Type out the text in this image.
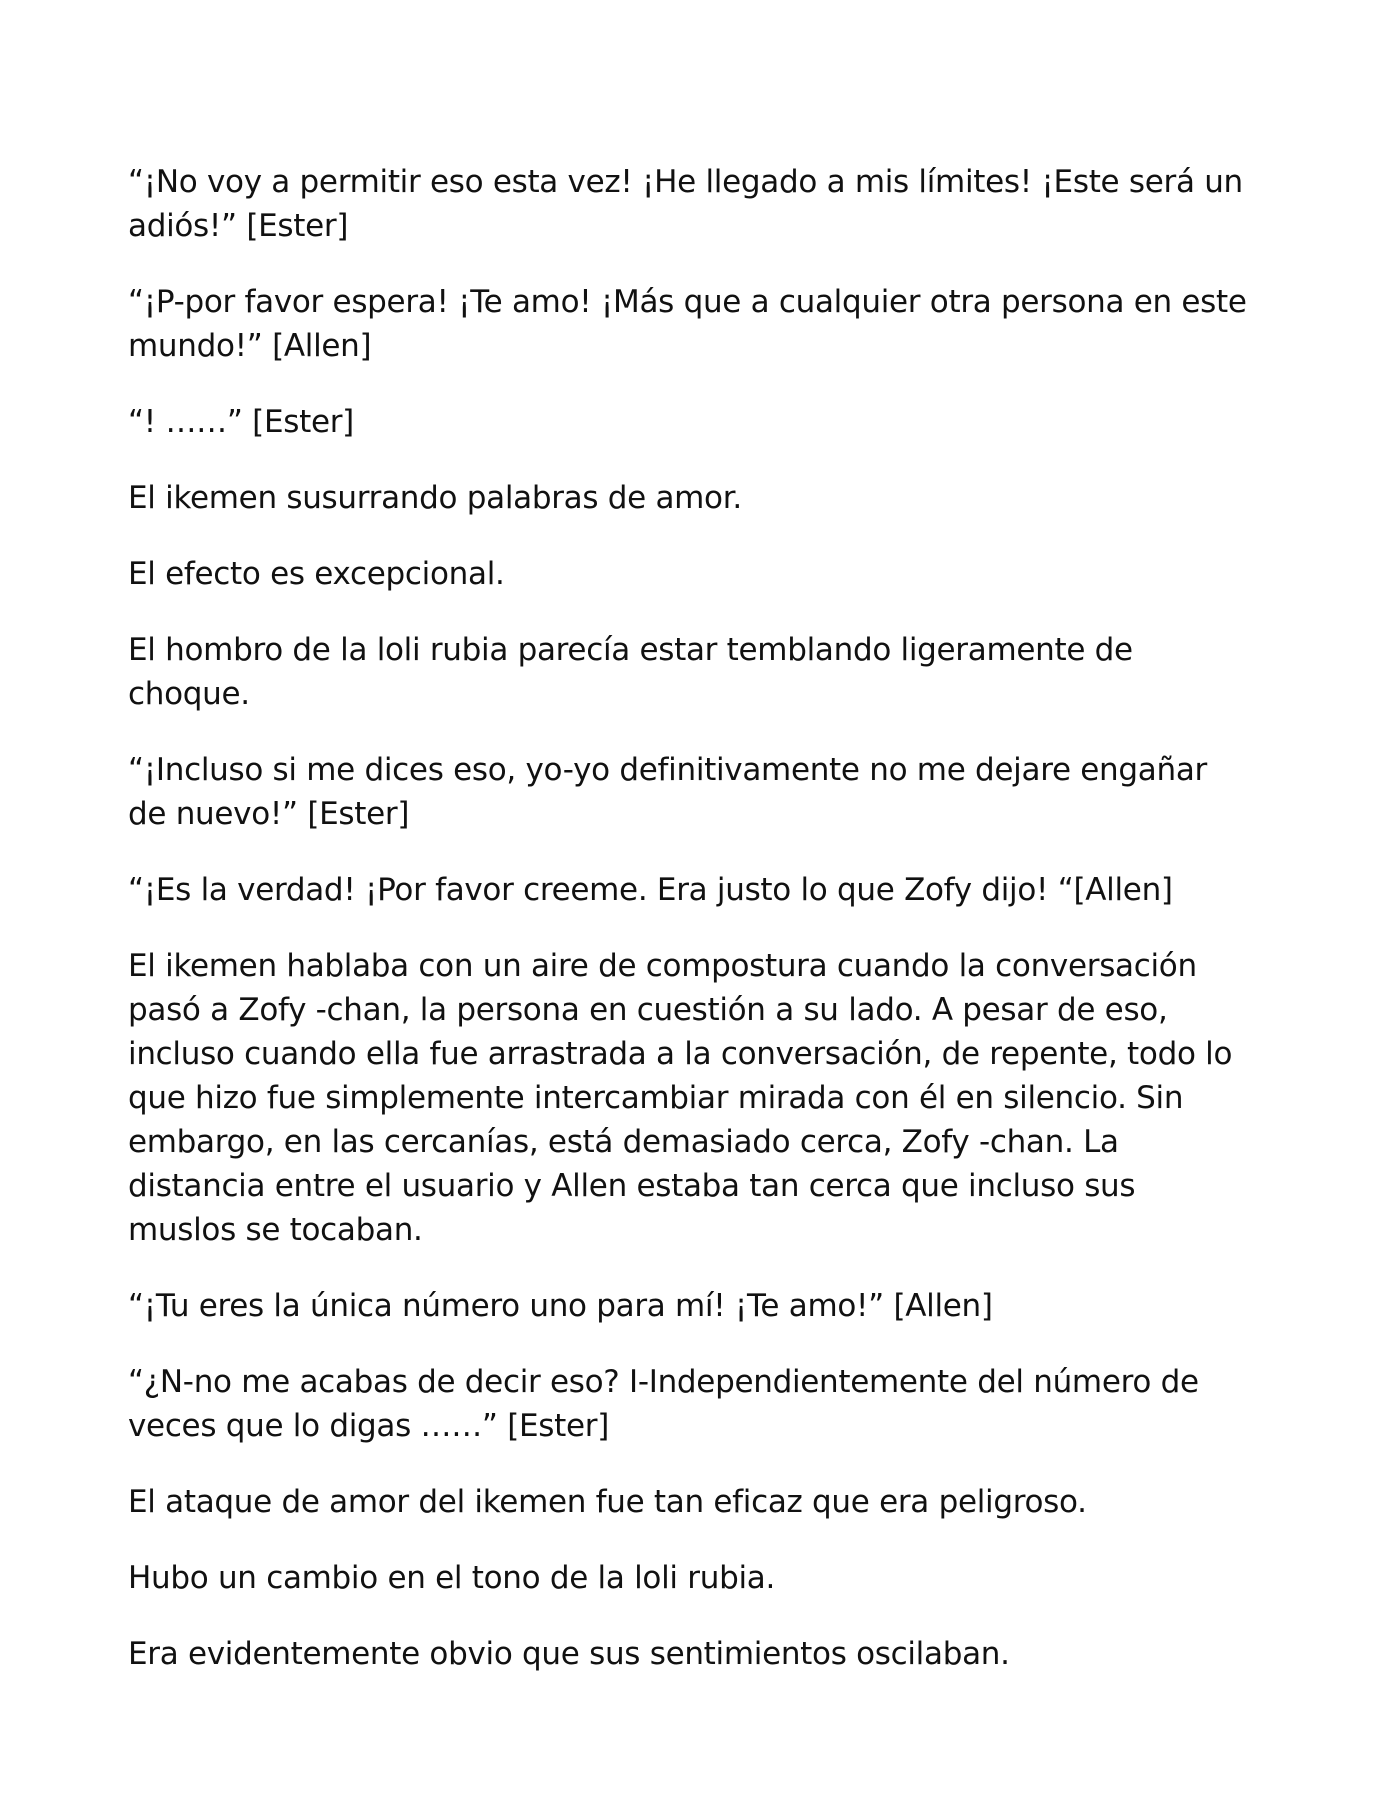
“¡No voy a permitir eso esta vez! ¡He llegado a mis límites! ¡Este será un adiós!” [Ester]

“¡P-por favor espera! ¡Te amo! ¡Más que a cualquier otra persona en este mundo!” [Allen]

“! ……” [Ester]

El ikemen susurrando palabras de amor.

El efecto es excepcional.

El hombro de la loli rubia parecía estar temblando ligeramente de choque.

“¡Incluso si me dices eso, yo-yo definitivamente no me dejare engañar de nuevo!” [Ester]

“¡Es la verdad! ¡Por favor creeme. Era justo lo que Zofy dijo! “[Allen]

El ikemen hablaba con un aire de compostura cuando la conversación pasó a Zofy -chan, la persona en cuestión a su lado. A pesar de eso, incluso cuando ella fue arrastrada a la conversación, de repente, todo lo que hizo fue simplemente intercambiar mirada con él en silencio. Sin embargo, en las cercanías, está demasiado cerca, Zofy -chan. La distancia entre el usuario y Allen estaba tan cerca que incluso sus muslos se tocaban.

“¡Tu eres la única número uno para mí! ¡Te amo!” [Allen]

“¿N-no me acabas de decir eso? I-Independientemente del número de veces que lo digas ……” [Ester]

El ataque de amor del ikemen fue tan eficaz que era peligroso.

Hubo un cambio en el tono de la loli rubia.

Era evidentemente obvio que sus sentimientos oscilaban.
